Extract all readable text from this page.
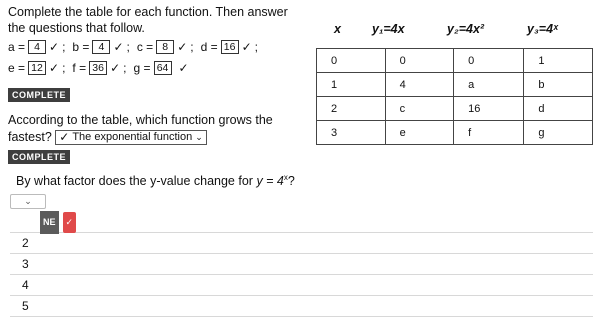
Complete the table for each function. Then answer the questions that follow.
a = 4 ✓ ; b = 4 ✓ ; c = 8 ✓ ; d = 16 ✓ ;
e = 12 ✓ ; f = 36 ✓ ; g = 64 ✓
COMPLETE
According to the table, which function grows the fastest? ✓ The exponential function ⌄
COMPLETE
x y₁=4x	y₂=4x²	y₃=4ˣ
0	0	0	1
1	4	a	b
2	c	16	d
3	e	f	g
By what factor does the y-value change for $y = 4^x$?
⌄
NE	✓
2
3
4
5
